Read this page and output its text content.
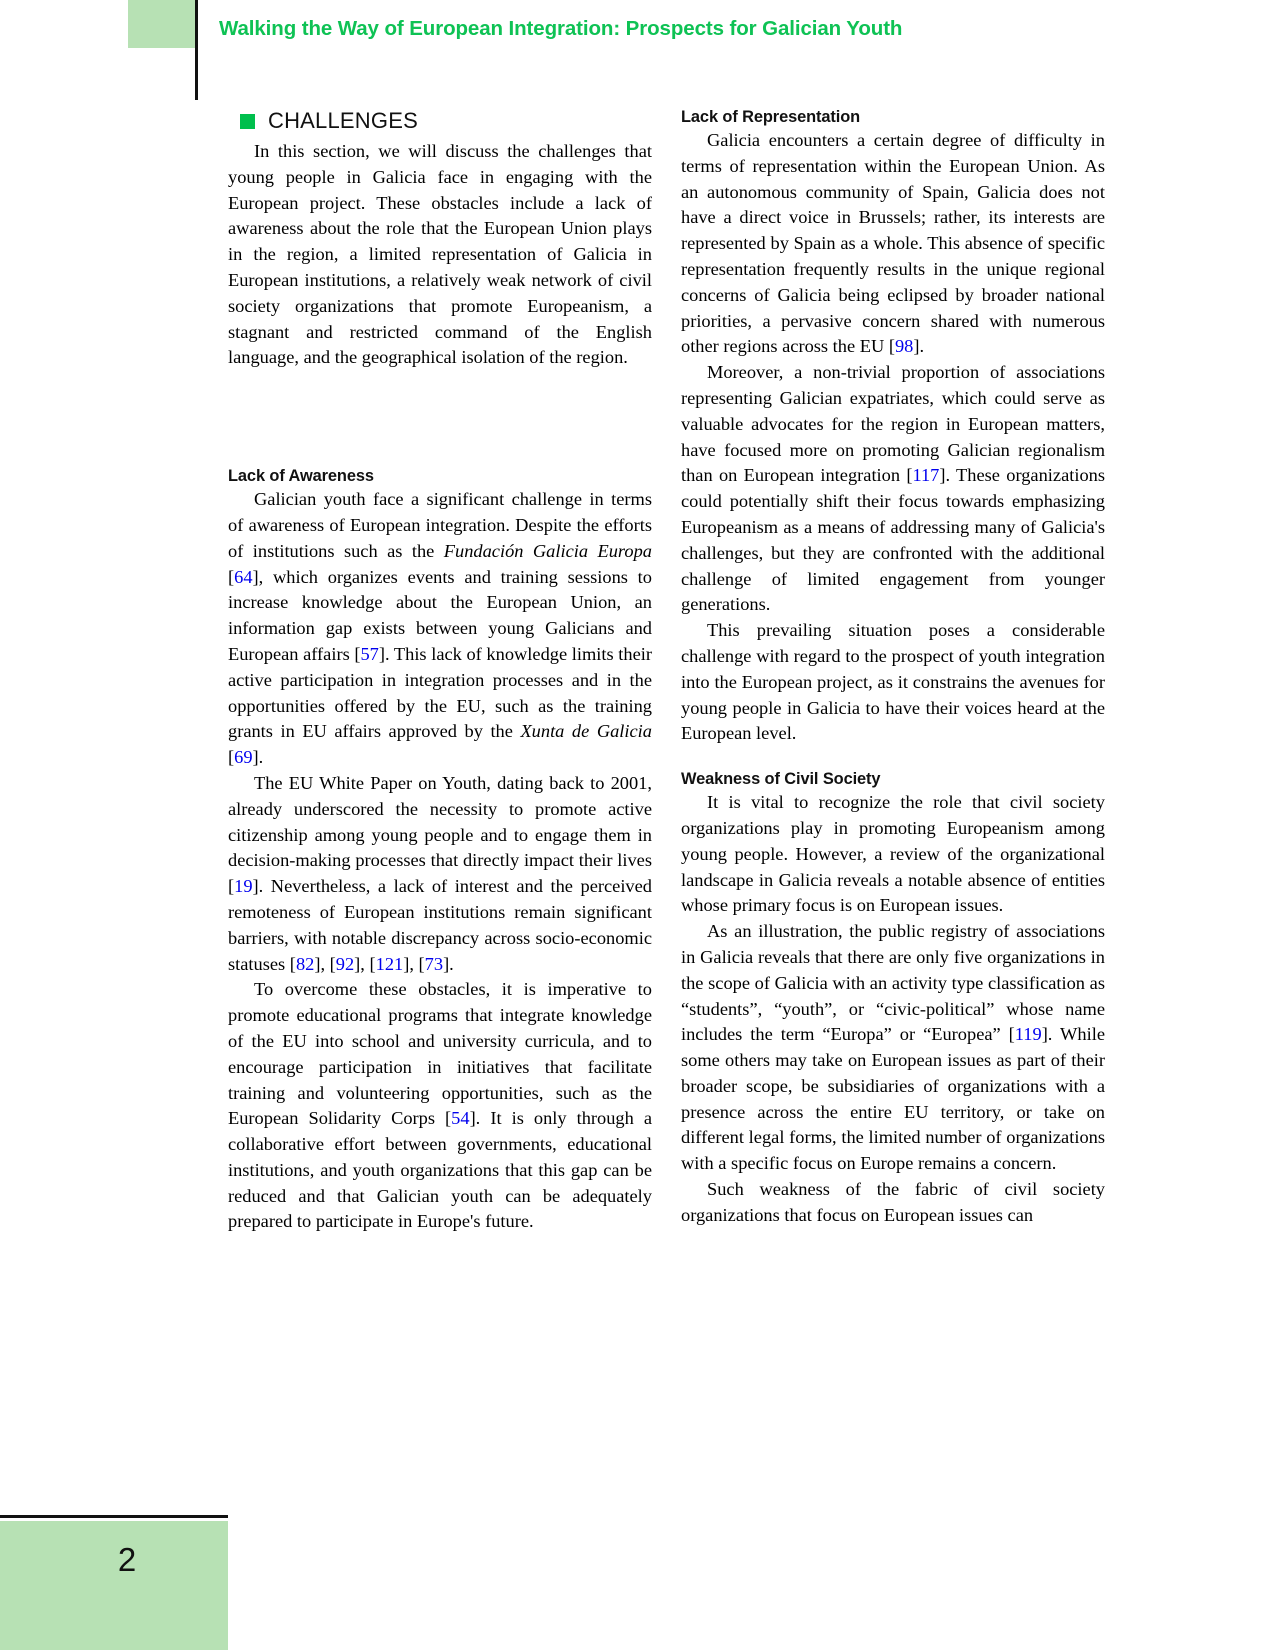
Walking the Way of European Integration: Prospects for Galician Youth
CHALLENGES

In this section, we will discuss the challenges that young people in Galicia face in engaging with the European project. These obstacles include a lack of awareness about the role that the European Union plays in the region, a limited representation of Galicia in European institutions, a relatively weak network of civil society organizations that promote Europeanism, a stagnant and restricted command of the English language, and the geographical isolation of the region.

Lack of Awareness

Galician youth face a significant challenge in terms of awareness of European integration. Despite the efforts of institutions such as the Fundación Galicia Europa [64], which organizes events and training sessions to increase knowledge about the European Union, an information gap exists between young Galicians and European affairs [57]. This lack of knowledge limits their active participation in integration processes and in the opportunities offered by the EU, such as the training grants in EU affairs approved by the Xunta de Galicia [69].

The EU White Paper on Youth, dating back to 2001, already underscored the necessity to promote active citizenship among young people and to engage them in decision-making processes that directly impact their lives [19]. Nevertheless, a lack of interest and the perceived remoteness of European institutions remain significant barriers, with notable discrepancy across socio-economic statuses [82], [92], [121], [73].

To overcome these obstacles, it is imperative to promote educational programs that integrate knowledge of the EU into school and university curricula, and to encourage participation in initiatives that facilitate training and volunteering opportunities, such as the European Solidarity Corps [54]. It is only through a collaborative effort between governments, educational institutions, and youth organizations that this gap can be reduced and that Galician youth can be adequately prepared to participate in Europe's future.

Lack of Representation

Galicia encounters a certain degree of difficulty in terms of representation within the European Union. As an autonomous community of Spain, Galicia does not have a direct voice in Brussels; rather, its interests are represented by Spain as a whole. This absence of specific representation frequently results in the unique regional concerns of Galicia being eclipsed by broader national priorities, a pervasive concern shared with numerous other regions across the EU [98].

Moreover, a non-trivial proportion of associations representing Galician expatriates, which could serve as valuable advocates for the region in European matters, have focused more on promoting Galician regionalism than on European integration [117]. These organizations could potentially shift their focus towards emphasizing Europeanism as a means of addressing many of Galicia's challenges, but they are confronted with the additional challenge of limited engagement from younger generations.

This prevailing situation poses a considerable challenge with regard to the prospect of youth integration into the European project, as it constrains the avenues for young people in Galicia to have their voices heard at the European level.

Weakness of Civil Society

It is vital to recognize the role that civil society organizations play in promoting Europeanism among young people. However, a review of the organizational landscape in Galicia reveals a notable absence of entities whose primary focus is on European issues.

As an illustration, the public registry of associations in Galicia reveals that there are only five organizations in the scope of Galicia with an activity type classification as “students”, “youth”, or “civic-political” whose name includes the term “Europa” or “Europea” [119]. While some others may take on European issues as part of their broader scope, be subsidiaries of organizations with a presence across the entire EU territory, or take on different legal forms, the limited number of organizations with a specific focus on Europe remains a concern.

Such weakness of the fabric of civil society organizations that focus on European issues can

2
